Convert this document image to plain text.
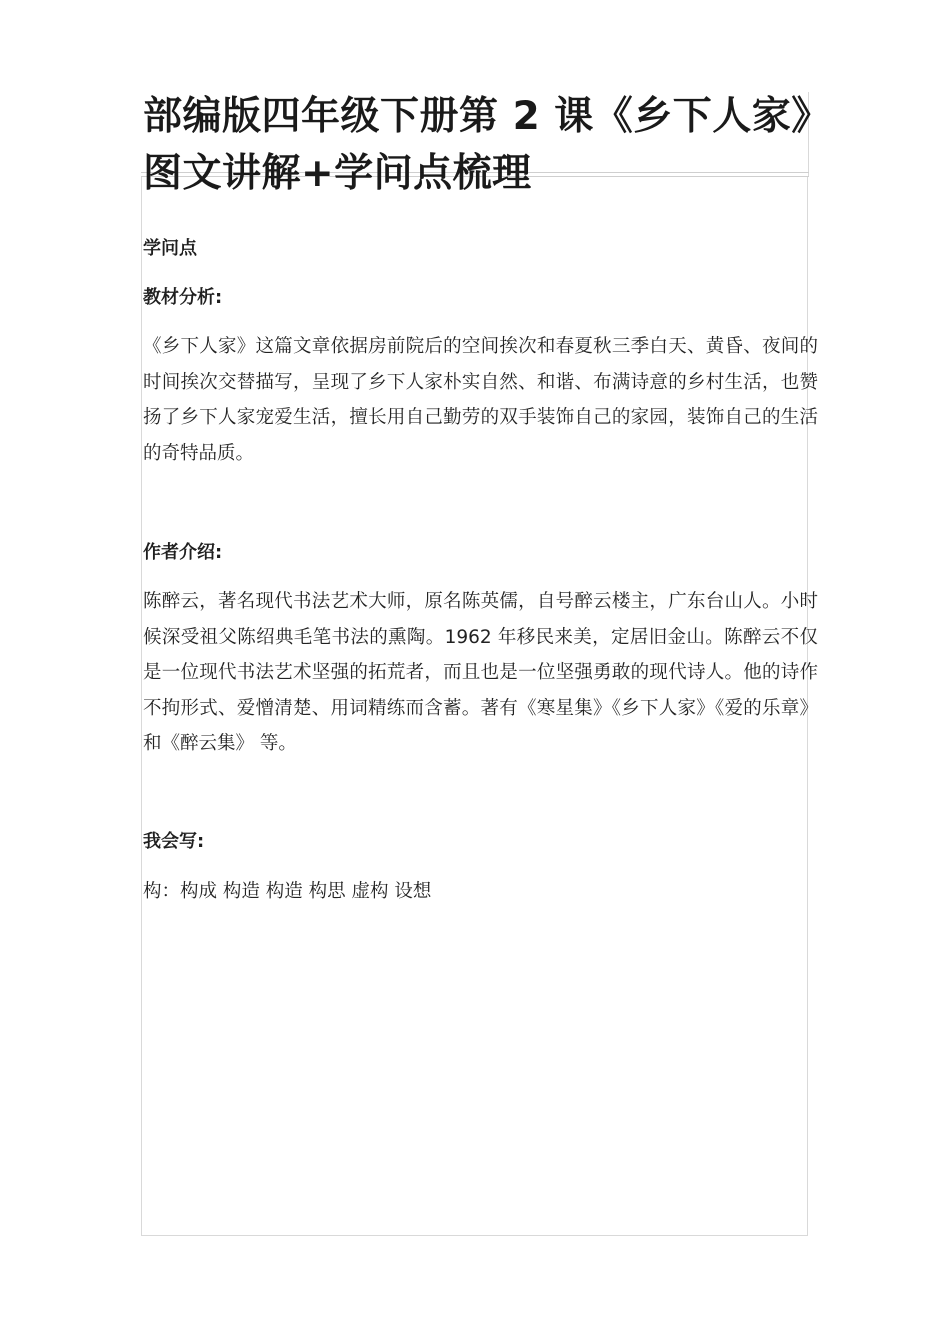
部编版四年级下册第 2 课《乡下人家》图文讲解+学问点梳理
学问点
教材分析:

《乡下人家》这篇文章依据房前院后的空间挨次和春夏秋三季白天、黄昏、夜间的时间挨次交替描写，呈现了乡下人家朴实自然、和谐、布满诗意的乡村生活，也赞扬了乡下人家宠爱生活，擅长用自己勤劳的双手装饰自己的家园，装饰自己的生活的奇特品质。

作者介绍:

陈醉云，著名现代书法艺术大师，原名陈英儒，自号醉云楼主，广东台山人。小时候深受祖父陈绍典毛笔书法的熏陶。1962 年移民来美，定居旧金山。陈醉云不仅是一位现代书法艺术坚强的拓荒者，而且也是一位坚强勇敢的现代诗人。他的诗作不拘形式、爱憎清楚、用词精练而含蓄。著有《寒星集》《乡下人家》《爱的乐章》和《醉云集》 等。

我会写:

构：构成 构造 构造 构思 虚构 设想
